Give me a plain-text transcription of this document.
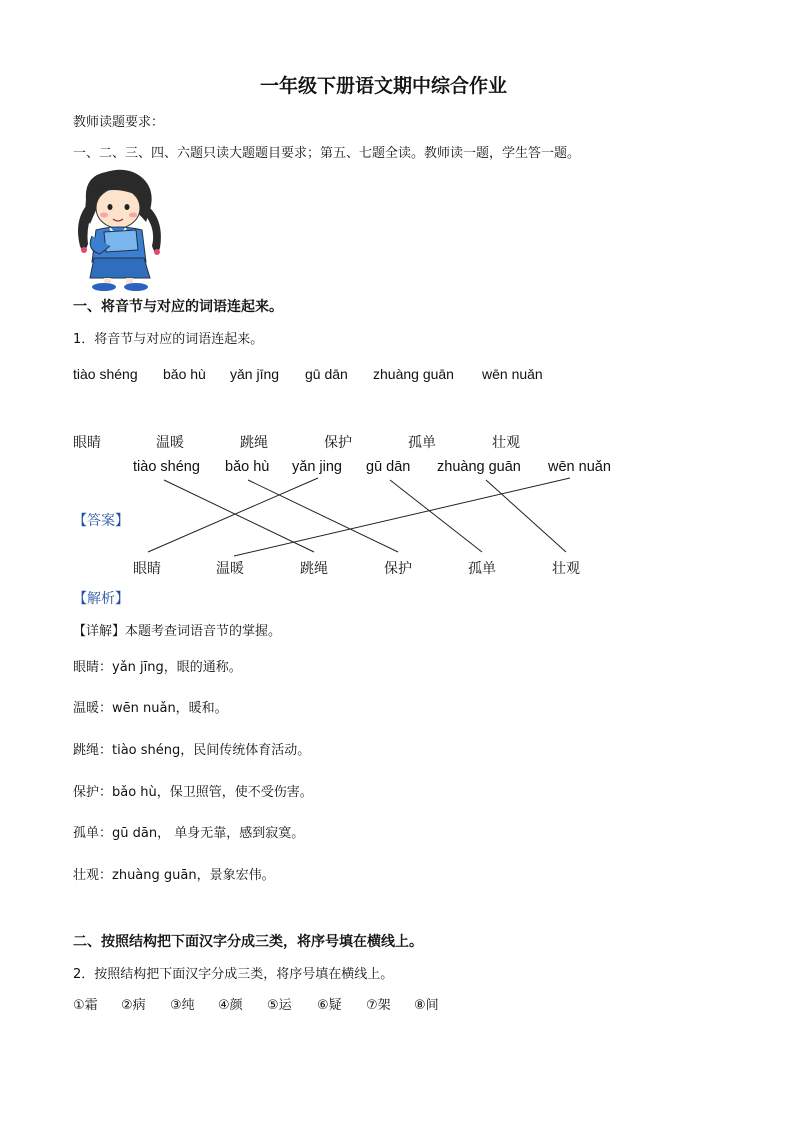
一年级下册语文期中综合作业
教师读题要求：
一、二、三、四、六题只读大题题目要求；第五、七题全读。教师读一题，学生答一题。
一、将音节与对应的词语连起来。
1．将音节与对应的词语连起来。
tiào shéng bǎo hù yǎn jīng gū dān zhuàng guān wēn nuǎn
眼睛	温暖	跳绳	保护	孤单	壮观
tiào shéng bǎo hù yǎn jing gū dān zhuàng guān wēn nuǎn
【答案】
眼睛	温暖	跳绳	保护	孤单	壮观
【解析】
【详解】本题考查词语音节的掌握。
眼睛：yǎn jīng，眼的通称。
温暖：wēn nuǎn，暖和。
跳绳：tiào shéng，民间传统体育活动。
保护：bǎo hù，保卫照管，使不受伤害。
孤单：gū dān， 单身无靠，感到寂寞。
壮观：zhuàng guān，景象宏伟。
二、按照结构把下面汉字分成三类，将序号填在横线上。
2．按照结构把下面汉字分成三类，将序号填在横线上。
①霜 ②病 ③纯 ④颜 ⑤运 ⑥疑 ⑦架 ⑧间
